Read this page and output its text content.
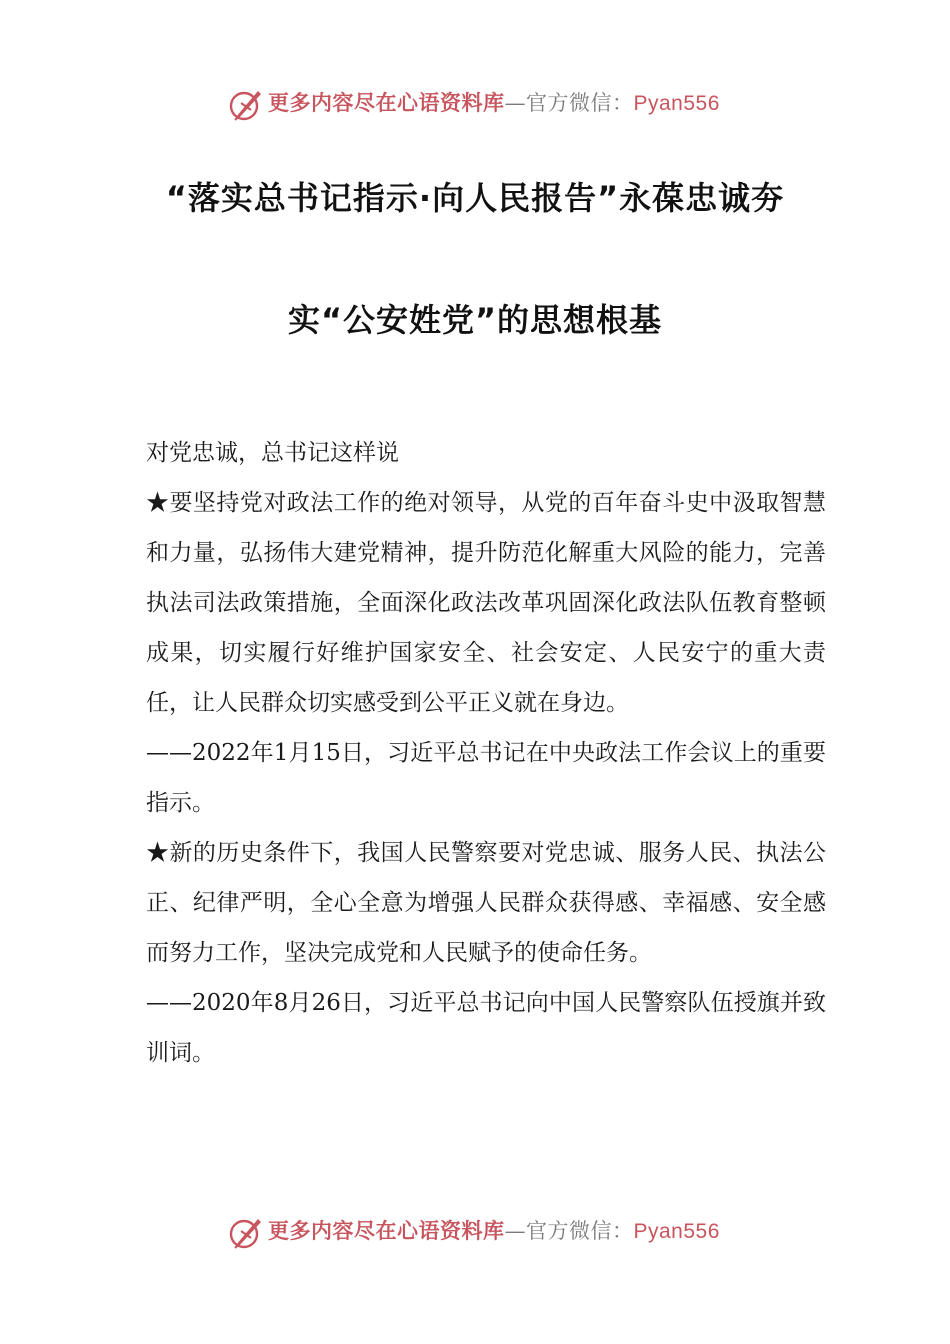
更多内容尽在心语资料库—官方微信：Pyan556
“落实总书记指示·向人民报告”永葆忠诚夯
实“公安姓党”的思想根基

对党忠诚，总书记这样说

★要坚持党对政法工作的绝对领导，从党的百年奋斗史中汲取智慧和力量，弘扬伟大建党精神，提升防范化解重大风险的能力，完善执法司法政策措施，全面深化政法改革巩固深化政法队伍教育整顿成果，切实履行好维护国家安全、社会安定、人民安宁的重大责任，让人民群众切实感受到公平正义就在身边。

——2022年1月15日，习近平总书记在中央政法工作会议上的重要指示。

★新的历史条件下，我国人民警察要对党忠诚、服务人民、执法公正、纪律严明，全心全意为增强人民群众获得感、幸福感、安全感而努力工作，坚决完成党和人民赋予的使命任务。

——2020年8月26日，习近平总书记向中国人民警察队伍授旗并致训词。

更多内容尽在心语资料库—官方微信：Pyan556
